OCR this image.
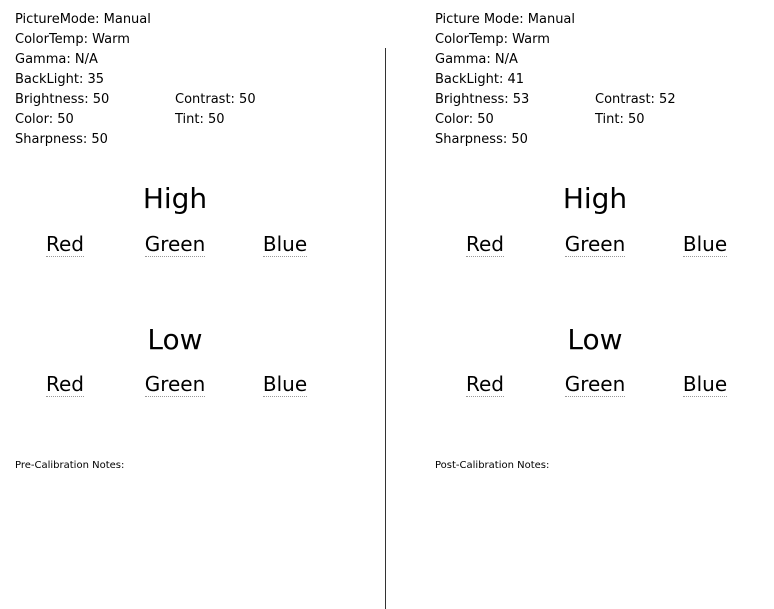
PictureMode: Manual
ColorTemp: Warm
Gamma: N/A
BackLight: 35
Brightness: 50	Contrast: 50
Color: 50	Tint: 50
Sharpness: 50
High
Red	Green	Blue
Low
Red	Green	Blue
Pre-Calibration Notes:
Picture Mode: Manual
ColorTemp: Warm
Gamma: N/A
BackLight: 41
Brightness: 53	Contrast: 52
Color: 50	Tint: 50
Sharpness: 50
High
Red	Green	Blue
Low
Red	Green	Blue
Post-Calibration Notes:
